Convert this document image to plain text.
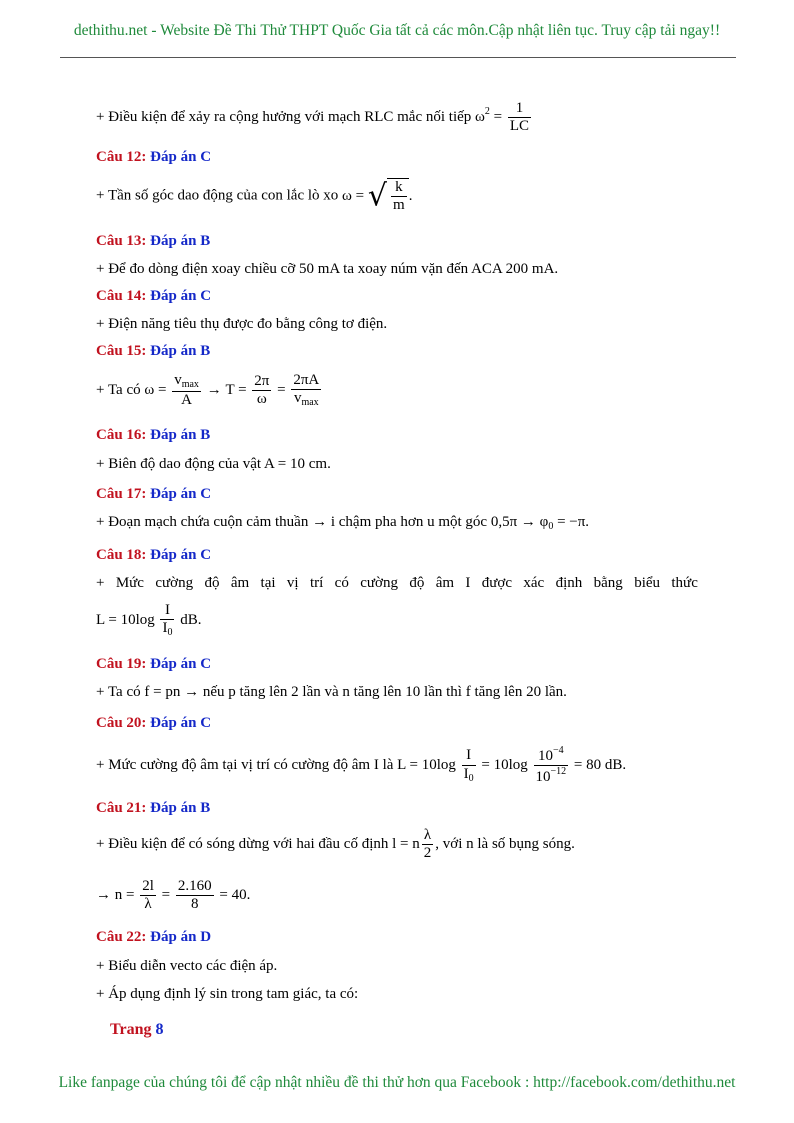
dethithu.net - Website Đề Thi Thử THPT Quốc Gia tất cả các môn.Cập nhật liên tục. Truy cập tải ngay!!
+ Điều kiện để xảy ra cộng hưởng với mạch RLC mắc nối tiếp $\omega^2 = \frac{1}{LC}$
Câu 12: Đáp án C
+ Tần số góc dao động của con lắc lò xo ω = √ $\frac{k}{m}$ .
Câu 13: Đáp án B
+ Để đo dòng điện xoay chiều cỡ 50 mA ta xoay núm vặn đến ACA 200 mA.
Câu 14: Đáp án C
+ Điện năng tiêu thụ được đo bằng công tơ điện.
Câu 15: Đáp án B
+ Ta có $\omega = \frac{v_{max}}{A} \to T = \frac{2\pi}{\omega} = \frac{2\pi A}{v_{max}}$
Câu 16: Đáp án B
+ Biên độ dao động của vật A = 10 cm.
Câu 17: Đáp án C
+ Đoạn mạch chứa cuộn cảm thuần → i chậm pha hơn u một góc $0,5\pi \to \varphi_0 = -\pi$.
Câu 18: Đáp án C
+ Mức cường độ âm tại vị trí có cường độ âm I được xác định bằng biểu thức
$L = 10\log \frac{I}{I_0}$ dB.
Câu 19: Đáp án C
+ Ta có f = pn → nếu p tăng lên 2 lần và n tăng lên 10 lần thì f tăng lên 20 lần.
Câu 20: Đáp án C
+ Mức cường độ âm tại vị trí có cường độ âm I là $L = 10\log \frac{I}{I_0} = 10\log \frac{10^{-4}}{10^{-12}} = 80$ dB.
Câu 21: Đáp án B
+ Điều kiện để có sóng dừng với hai đầu cố định l = n $\frac{\lambda}{2}$ , với n là số bụng sóng.
→ $n = \frac{2l}{\lambda} = \frac{2.160}{8} = 40$.
Câu 22: Đáp án D
+ Biểu diễn vecto các điện áp.
+ Áp dụng định lý sin trong tam giác, ta có:
Trang 8
Like fanpage của chúng tôi để cập nhật nhiều đề thi thử hơn qua Facebook : http://facebook.com/dethithu.net
